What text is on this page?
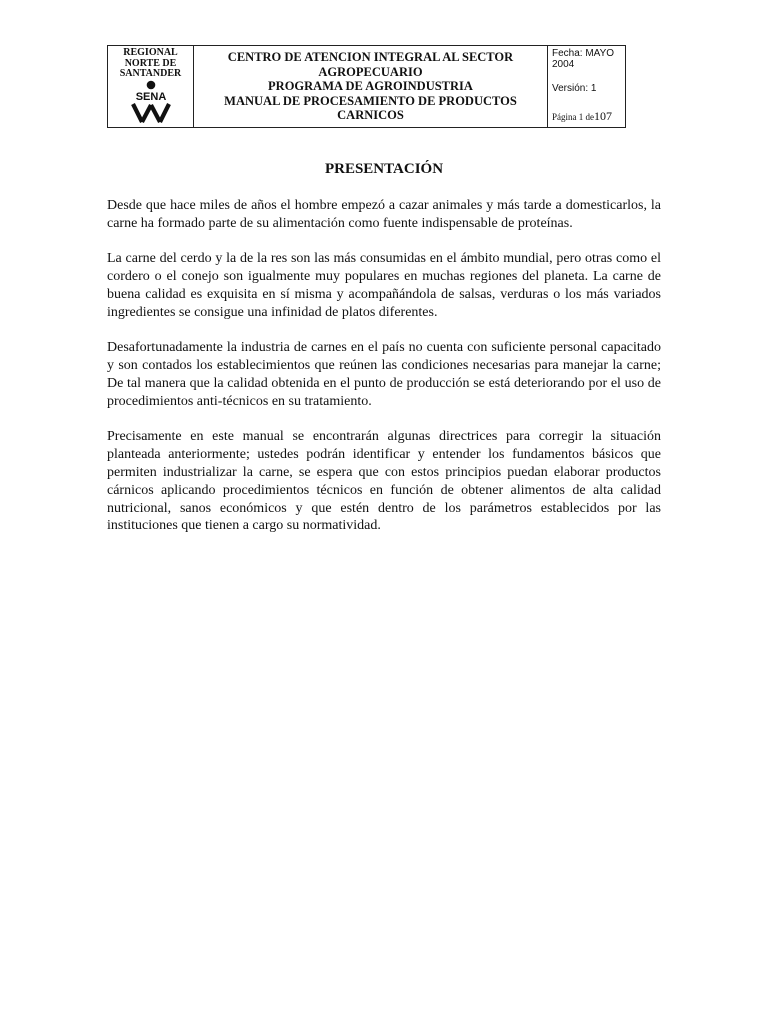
REGIONAL
NORTE DE
SANTANDER
SENA
CENTRO DE ATENCION INTEGRAL AL SECTOR
AGROPECUARIO
PROGRAMA DE AGROINDUSTRIA
MANUAL DE PROCESAMIENTO DE PRODUCTOS
CARNICOS
Fecha: MAYO
2004
Versión: 1
Página 1 de107
PRESENTACIÓN

Desde que hace miles de años el hombre empezó a cazar animales y más tarde a domesticarlos, la carne ha formado parte de su alimentación como fuente indispensable de proteínas.

La carne del cerdo y la de la res son las más consumidas en el ámbito mundial, pero otras como el cordero o el conejo son igualmente muy populares en muchas regiones del planeta. La carne de buena calidad es exquisita en sí misma y acompañándola de salsas, verduras o los más variados ingredientes se consigue una infinidad de platos diferentes.

Desafortunadamente la industria de carnes en el país no cuenta con suficiente personal capacitado y son contados los establecimientos que reúnen las condiciones necesarias para manejar la carne; De tal manera que la calidad obtenida en el punto de producción se está deteriorando por el uso de procedimientos anti-técnicos en su tratamiento.

Precisamente en este manual se encontrarán algunas directrices para corregir la situación planteada anteriormente; ustedes podrán identificar y entender los fundamentos básicos que permiten industrializar la carne, se espera que con estos principios puedan elaborar productos cárnicos aplicando procedimientos técnicos en función de obtener alimentos de alta calidad nutricional, sanos económicos y que estén dentro de los parámetros establecidos por las instituciones que tienen a cargo su normatividad.
